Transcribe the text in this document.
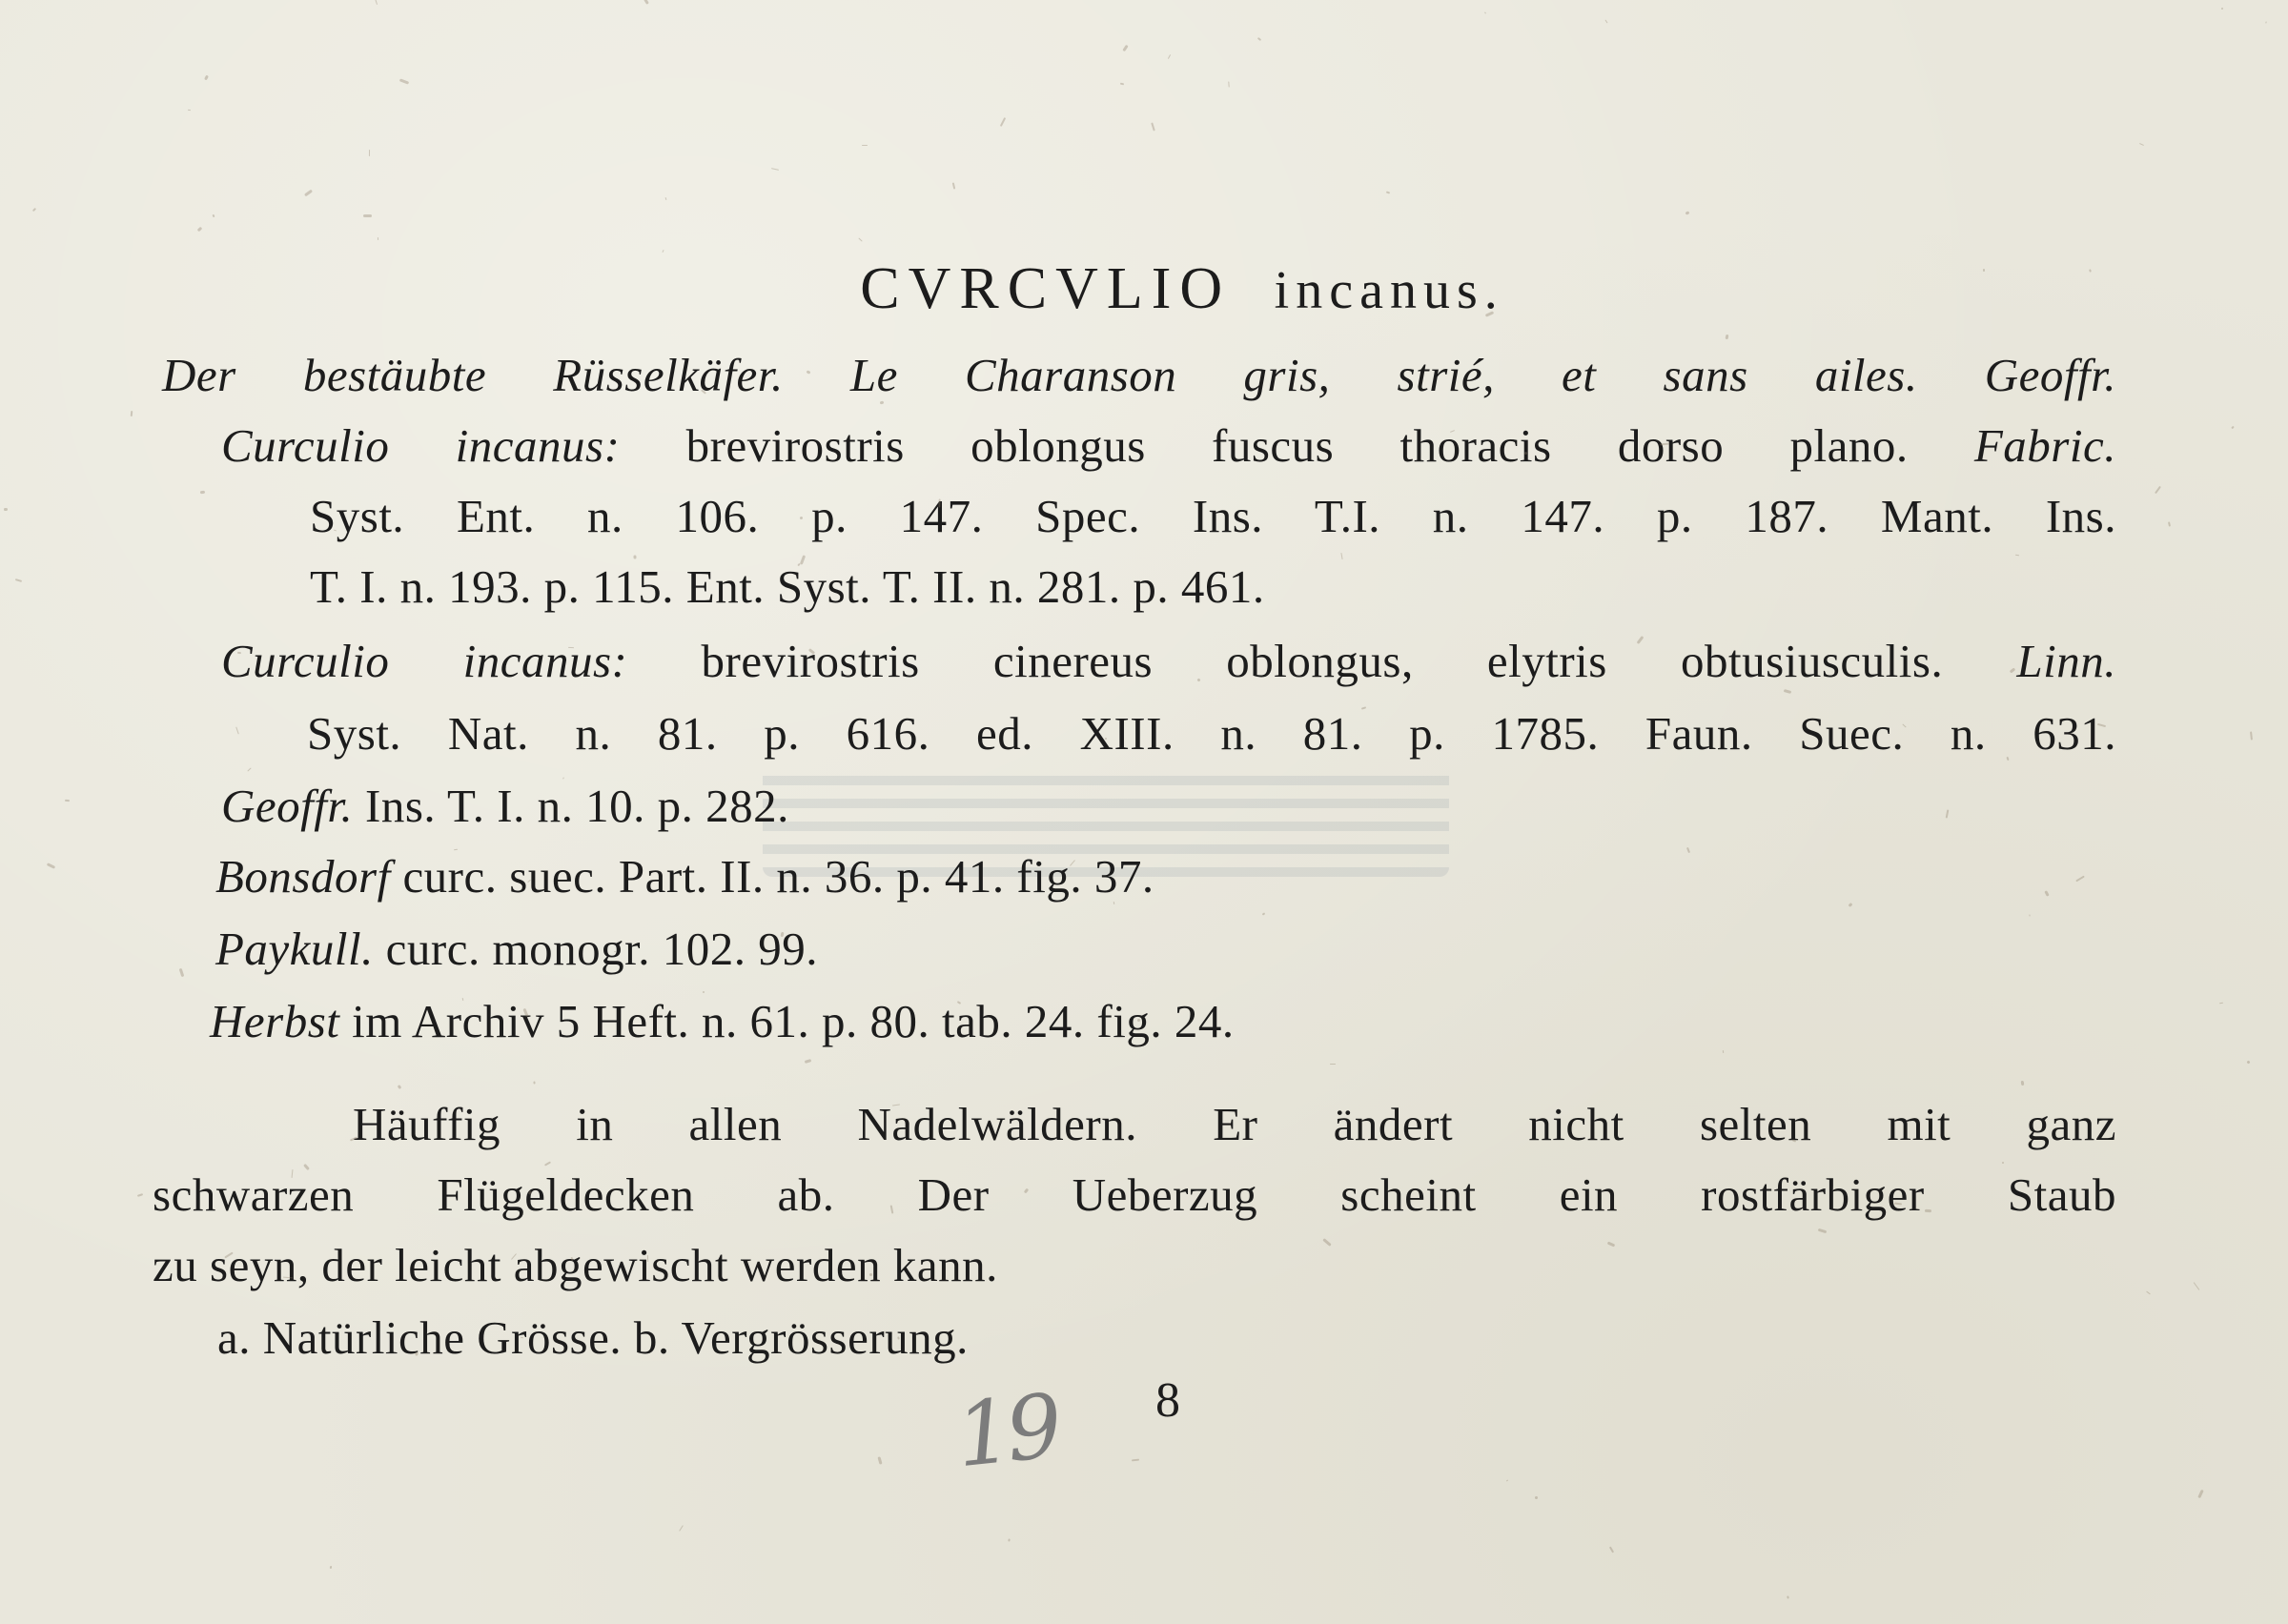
CVRCVLIO incanus.
Der bestäubte Rüsselkäfer. Le Charanson gris, strié, et sans ailes. Geoffr.
Curculio incanus: brevirostris oblongus fuscus thoracis dorso plano. Fabric.
Syst. Ent. n. 106. p. 147. Spec. Ins. T.I. n. 147. p. 187. Mant. Ins.
T. I. n. 193. p. 115. Ent. Syst. T. II. n. 281. p. 461.
Curculio incanus: brevirostris cinereus oblongus, elytris obtusiusculis. Linn.
Syst. Nat. n. 81. p. 616. ed. XIII. n. 81. p. 1785. Faun. Suec. n. 631.
Geoffr. Ins. T. I. n. 10. p. 282.
Bonsdorf curc. suec. Part. II. n. 36. p. 41. fig. 37.
Paykull. curc. monogr. 102. 99.
Herbst im Archiv 5 Heft. n. 61. p. 80. tab. 24. fig. 24.
Häuffig in allen Nadelwäldern. Er ändert nicht selten mit ganz
schwarzen Flügeldecken ab. Der Ueberzug scheint ein rostfärbiger Staub
zu seyn, der leicht abgewischt werden kann.
a. Natürliche Grösse. b. Vergrösserung.
8
19
